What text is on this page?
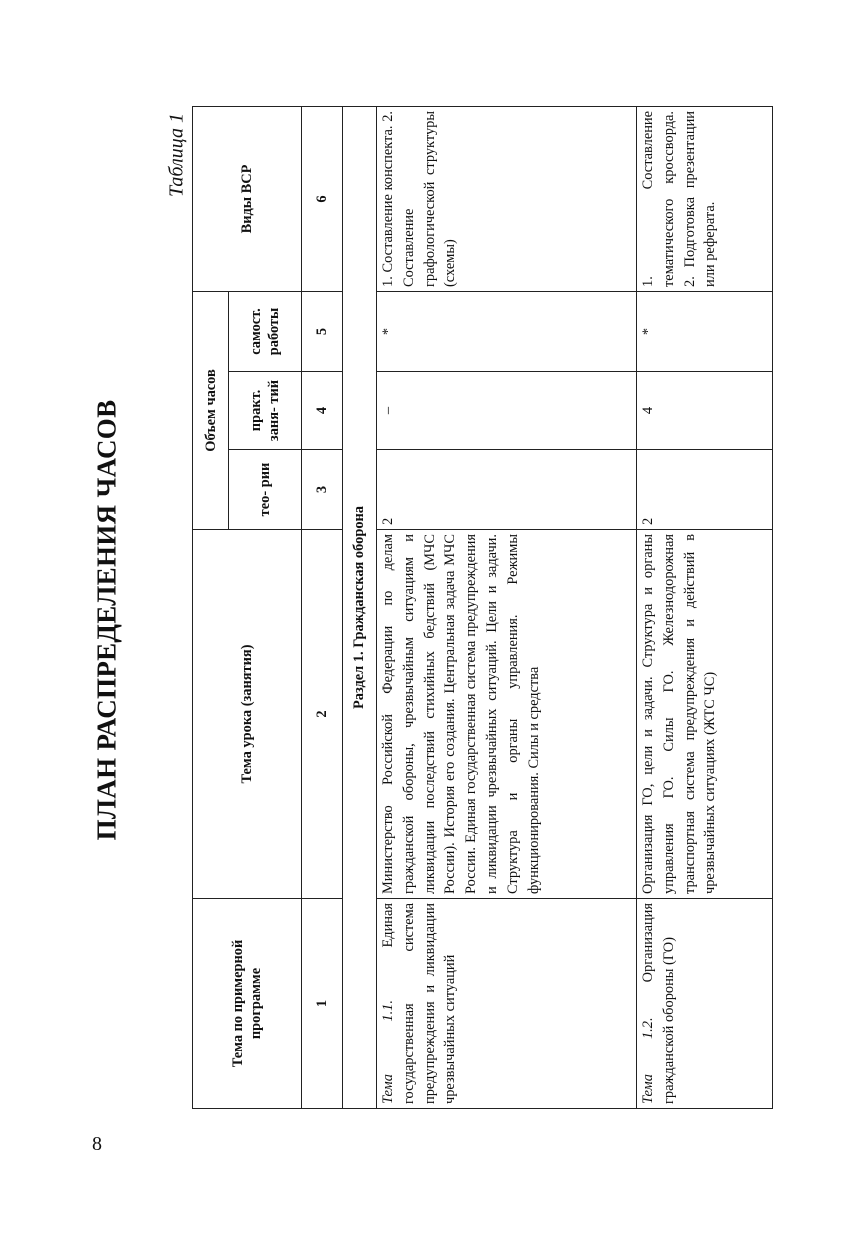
8
ПЛАН РАСПРЕДЕЛЕНИЯ ЧАСОВ
Таблица 1
Тема по примерной программе	Тема урока (занятия)	Объем часов			Виды ВСР
		тео- рии	практ. заня- тий	самост. работы	
1	2	3	4	5	6
Раздел 1. Гражданская оборона					
Тема 1.1. Единая государственная система предупреждения и ликвидации чрезвычайных ситуаций	Министерство Российской Федерации по делам гражданской обороны, чрезвычайным ситуациям и ликвидации последствий стихийных бедствий (МЧС России). История его создания. Центральная задача МЧС России. Единая государственная система предупреждения и ликвидации чрезвычайных ситуаций. Цели и задачи. Структура и органы управления. Режимы функционирования. Силы и средства	2	–	*	1. Составление конспекта. 2. Составление графологической структуры (схемы)
Тема 1.2. Организация гражданской обороны (ГО)	Организация ГО, цели и задачи. Структура и органы управления ГО. Силы ГО. Железнодорожная транспортная система предупреждения и действий в чрезвычайных ситуациях (ЖТС ЧС)	2	4	*	1. Составление тематического кроссворда. 2. Подготовка презентации или реферата.
